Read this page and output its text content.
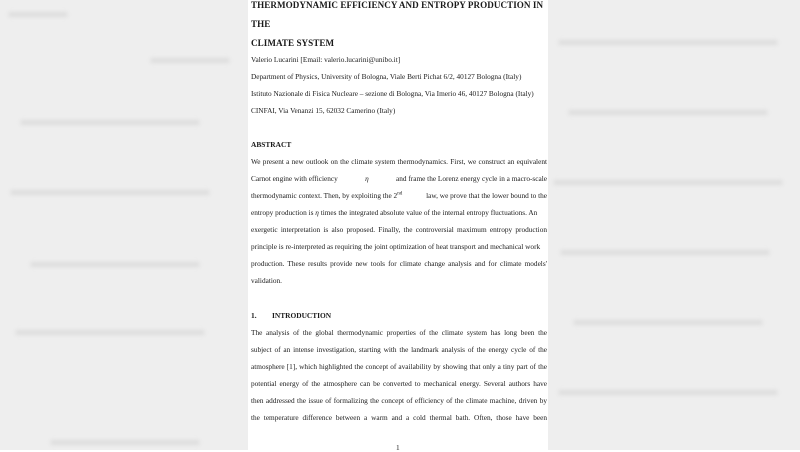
THERMODYNAMIC EFFICIENCY AND ENTROPY PRODUCTION IN THE
CLIMATE SYSTEM
Valerio Lucarini [Email: valerio.lucarini@unibo.it]
Department of Physics, University of Bologna, Viale Berti Pichat 6/2, 40127 Bologna (Italy)
Istituto Nazionale di Fisica Nucleare – sezione di Bologna, Via Imerio 46, 40127 Bologna (Italy)
CINFAI, Via Venanzi 15, 62032 Camerino (Italy)
ABSTRACT
We present a new outlook on the climate system thermodynamics. First, we construct an equivalent
Carnot engine with efficiency	η	and frame the Lorenz energy cycle in a macro-scale
thermodynamic context. Then, by exploiting the 2nd	law, we prove that the lower bound to the
entropy production is η times the integrated absolute value of the internal entropy fluctuations. An
exergetic interpretation is also proposed. Finally, the controversial maximum entropy production
principle is re-interpreted as requiring the joint optimization of heat transport and mechanical work
production. These results provide new tools for climate change analysis and for climate models'
validation.
1. INTRODUCTION
The analysis of the global thermodynamic properties of the climate system has long been the
subject of an intense investigation, starting with the landmark analysis of the energy cycle of the
atmosphere [1], which highlighted the concept of availability by showing that only a tiny part of the
potential energy of the atmosphere can be converted to mechanical energy. Several authors have
then addressed the issue of formalizing the concept of efficiency of the climate machine, driven by
the temperature difference between a warm and a cold thermal bath. Often, those have been
1
